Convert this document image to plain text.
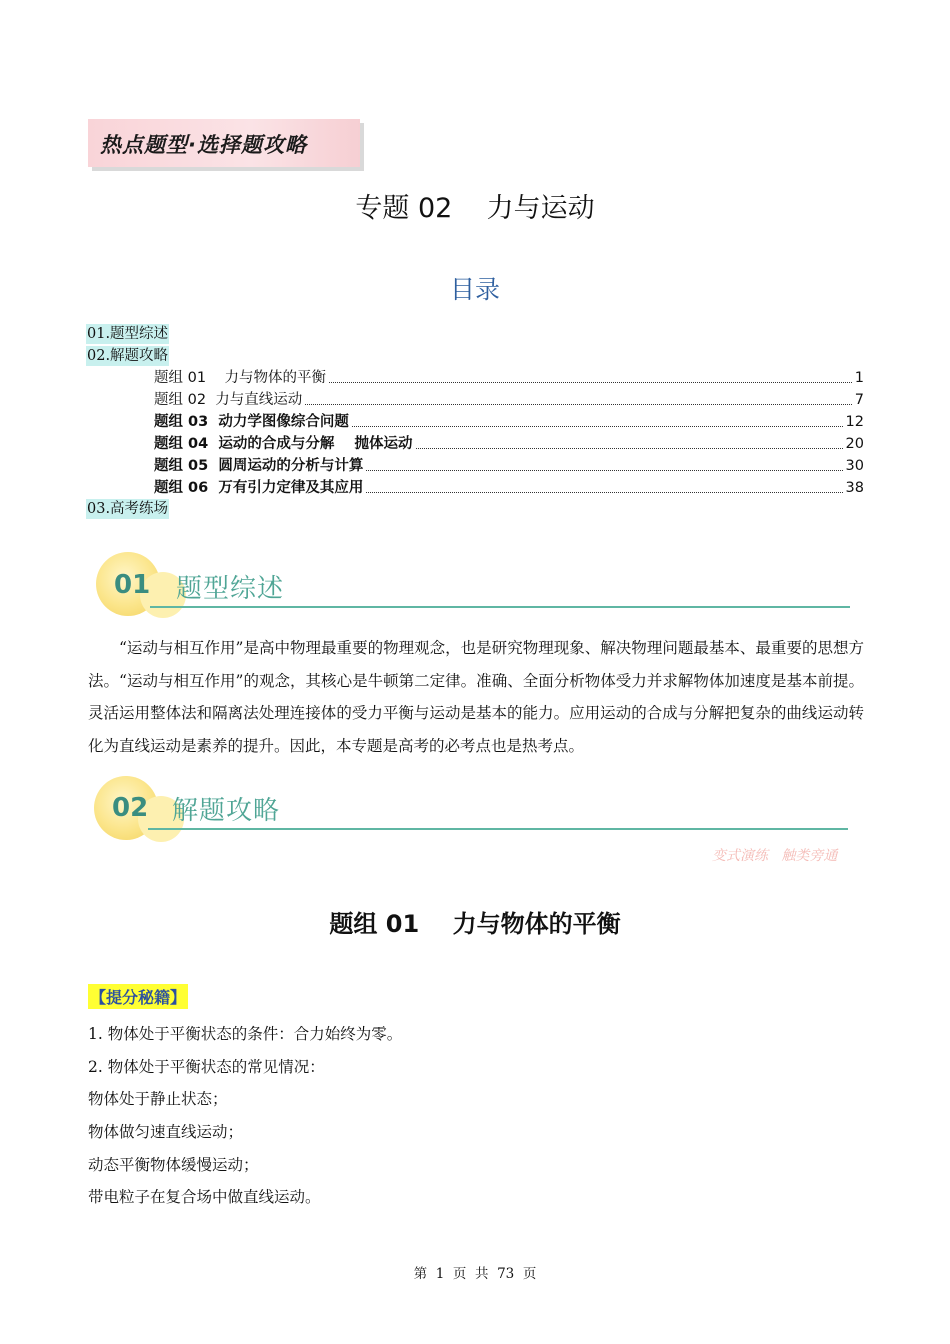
热点题型·选择题攻略
专题 02    力与运动
目录
01.题型综述
02.解题攻略
题组 01    力与物体的平衡	1
题组 02  力与直线运动	7
题组 03  动力学图像综合问题	12
题组 04  运动的合成与分解    抛体运动	20
题组 05  圆周运动的分析与计算	30
题组 06  万有引力定律及其应用	38
03.高考练场
01 题型综述
“运动与相互作用”是高中物理最重要的物理观念，也是研究物理现象、解决物理问题最基本、最重要的思想方法。“运动与相互作用”的观念，其核心是牛顿第二定律。准确、全面分析物体受力并求解物体加速度是基本前提。灵活运用整体法和隔离法处理连接体的受力平衡与运动是基本的能力。应用运动的合成与分解把复杂的曲线运动转化为直线运动是素养的提升。因此，本专题是高考的必考点也是热考点。
02 解题攻略
变式演练   触类旁通
题组 01    力与物体的平衡
【提分秘籍】
1. 物体处于平衡状态的条件：合力始终为零。
2. 物体处于平衡状态的常见情况：
物体处于静止状态；
物体做匀速直线运动；
动态平衡物体缓慢运动；
带电粒子在复合场中做直线运动。
第  1  页  共  73  页
